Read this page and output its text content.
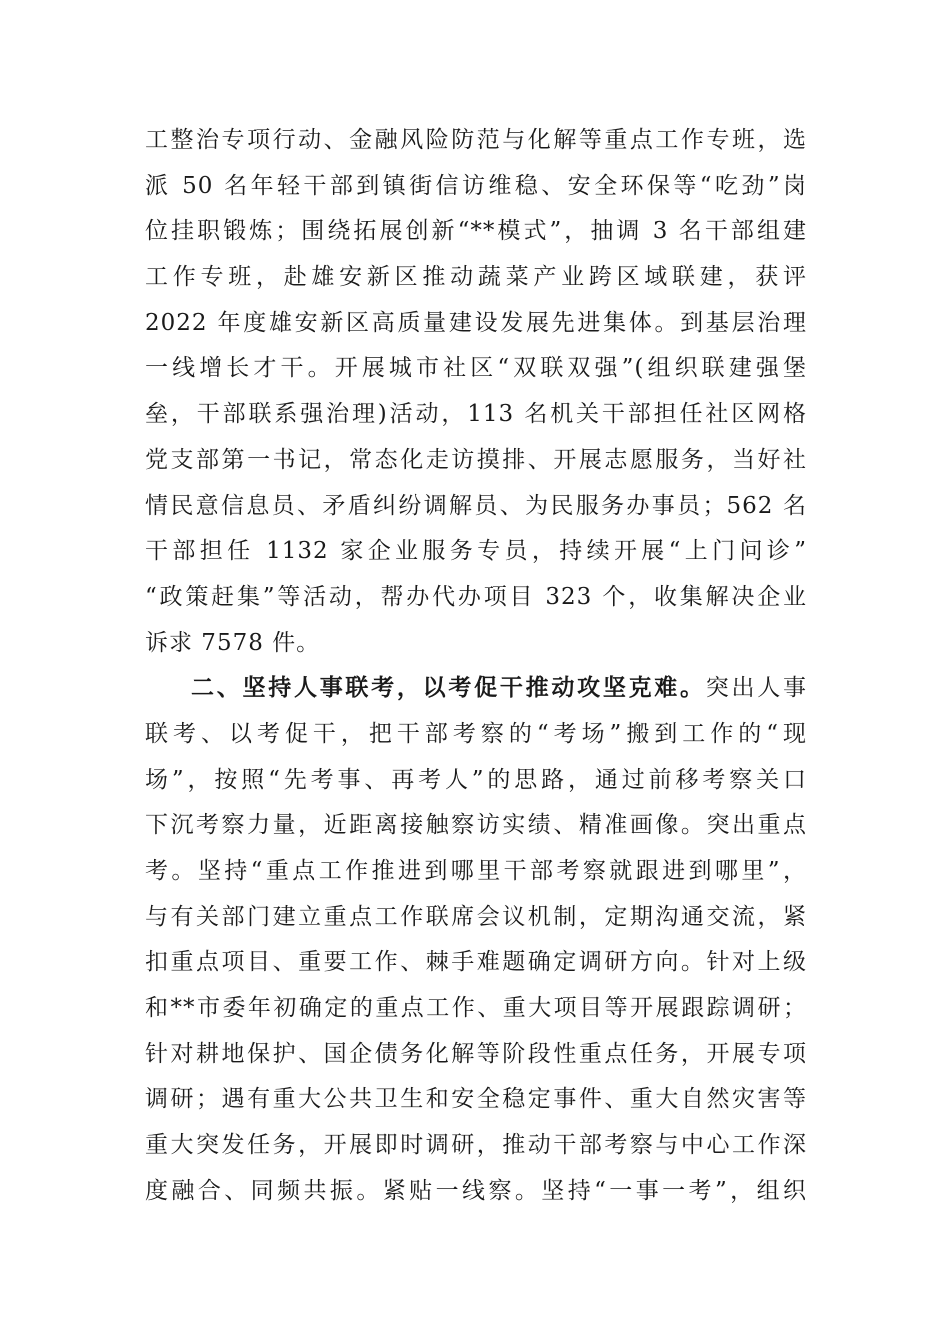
工整治专项行动、金融风险防范与化解等重点工作专班，选
派 50 名年轻干部到镇街信访维稳、安全环保等“吃劲”岗
位挂职锻炼；围绕拓展创新“**模式”，抽调 3 名干部组建
工作专班，赴雄安新区推动蔬菜产业跨区域联建，获评
2022 年度雄安新区高质量建设发展先进集体。到基层治理
一线增长才干。开展城市社区“双联双强”(组织联建强堡
垒，干部联系强治理)活动，113 名机关干部担任社区网格
党支部第一书记，常态化走访摸排、开展志愿服务，当好社
情民意信息员、矛盾纠纷调解员、为民服务办事员；562 名
干部担任 1132 家企业服务专员，持续开展“上门问诊”
“政策赶集”等活动，帮办代办项目 323 个，收集解决企业
诉求 7578 件。
二、坚持人事联考，以考促干推动攻坚克难。突出人事
联考、以考促干，把干部考察的“考场”搬到工作的“现
场”，按照“先考事、再考人”的思路，通过前移考察关口
下沉考察力量，近距离接触察访实绩、精准画像。突出重点
考。坚持“重点工作推进到哪里干部考察就跟进到哪里”，
与有关部门建立重点工作联席会议机制，定期沟通交流，紧
扣重点项目、重要工作、棘手难题确定调研方向。针对上级
和**市委年初确定的重点工作、重大项目等开展跟踪调研；
针对耕地保护、国企债务化解等阶段性重点任务，开展专项
调研；遇有重大公共卫生和安全稳定事件、重大自然灾害等
重大突发任务，开展即时调研，推动干部考察与中心工作深
度融合、同频共振。紧贴一线察。坚持“一事一考”，组织
